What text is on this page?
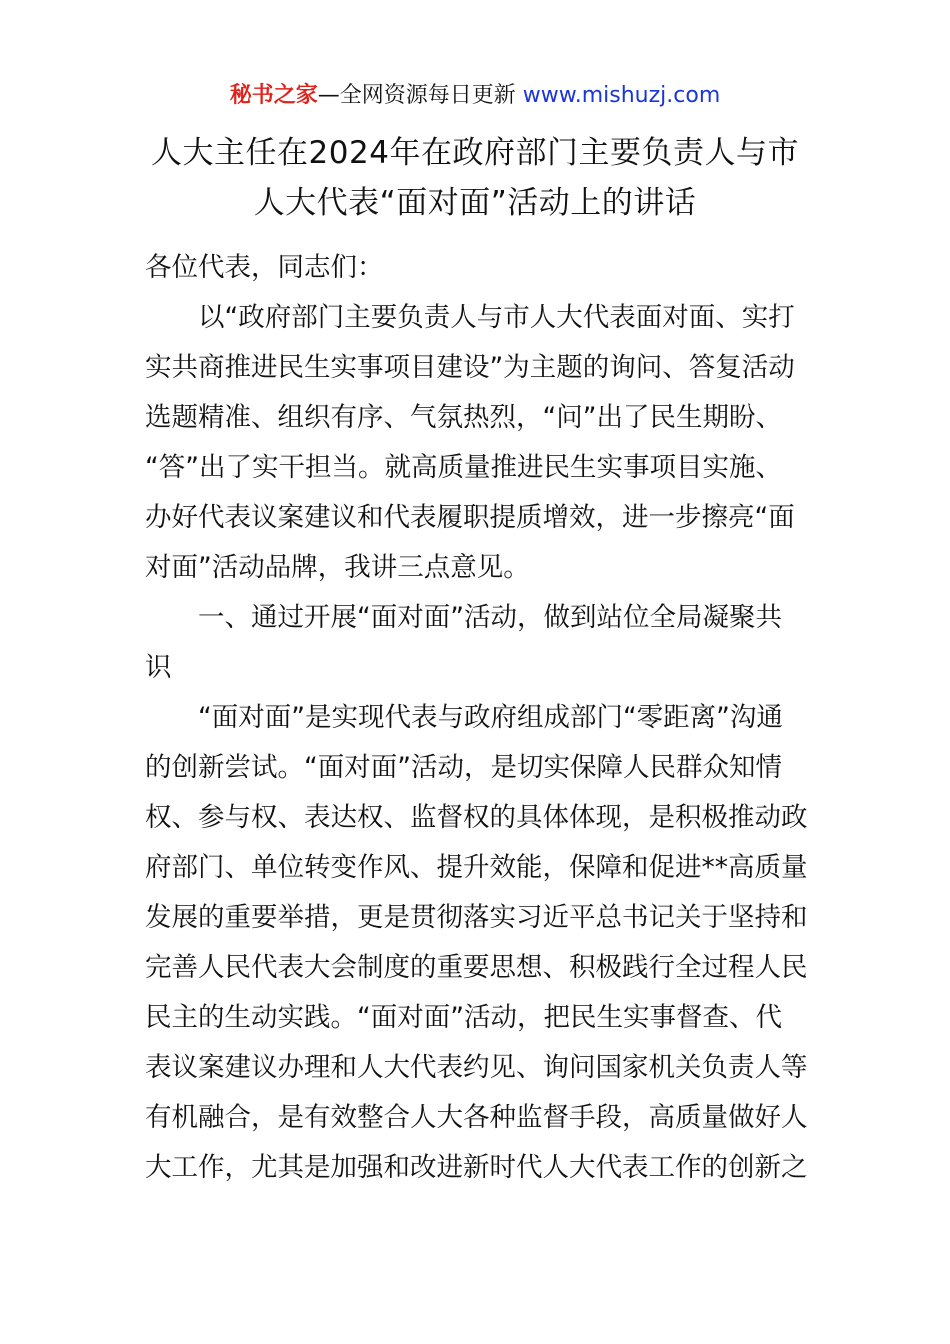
秘书之家—全网资源每日更新 www.mishuzj.com
人大主任在2024年在政府部门主要负责人与市
人大代表“面对面”活动上的讲话
各位代表，同志们：
以“政府部门主要负责人与市人大代表面对面、实打
实共商推进民生实事项目建设”为主题的询问、答复活动
选题精准、组织有序、气氛热烈，“问”出了民生期盼、
“答”出了实干担当。就高质量推进民生实事项目实施、
办好代表议案建议和代表履职提质增效，进一步擦亮“面
对面”活动品牌，我讲三点意见。
一、通过开展“面对面”活动，做到站位全局凝聚共
识
“面对面”是实现代表与政府组成部门“零距离”沟通
的创新尝试。“面对面”活动，是切实保障人民群众知情
权、参与权、表达权、监督权的具体体现，是积极推动政
府部门、单位转变作风、提升效能，保障和促进**高质量
发展的重要举措，更是贯彻落实习近平总书记关于坚持和
完善人民代表大会制度的重要思想、积极践行全过程人民
民主的生动实践。“面对面”活动，把民生实事督查、代
表议案建议办理和人大代表约见、询问国家机关负责人等
有机融合，是有效整合人大各种监督手段，高质量做好人
大工作，尤其是加强和改进新时代人大代表工作的创新之
